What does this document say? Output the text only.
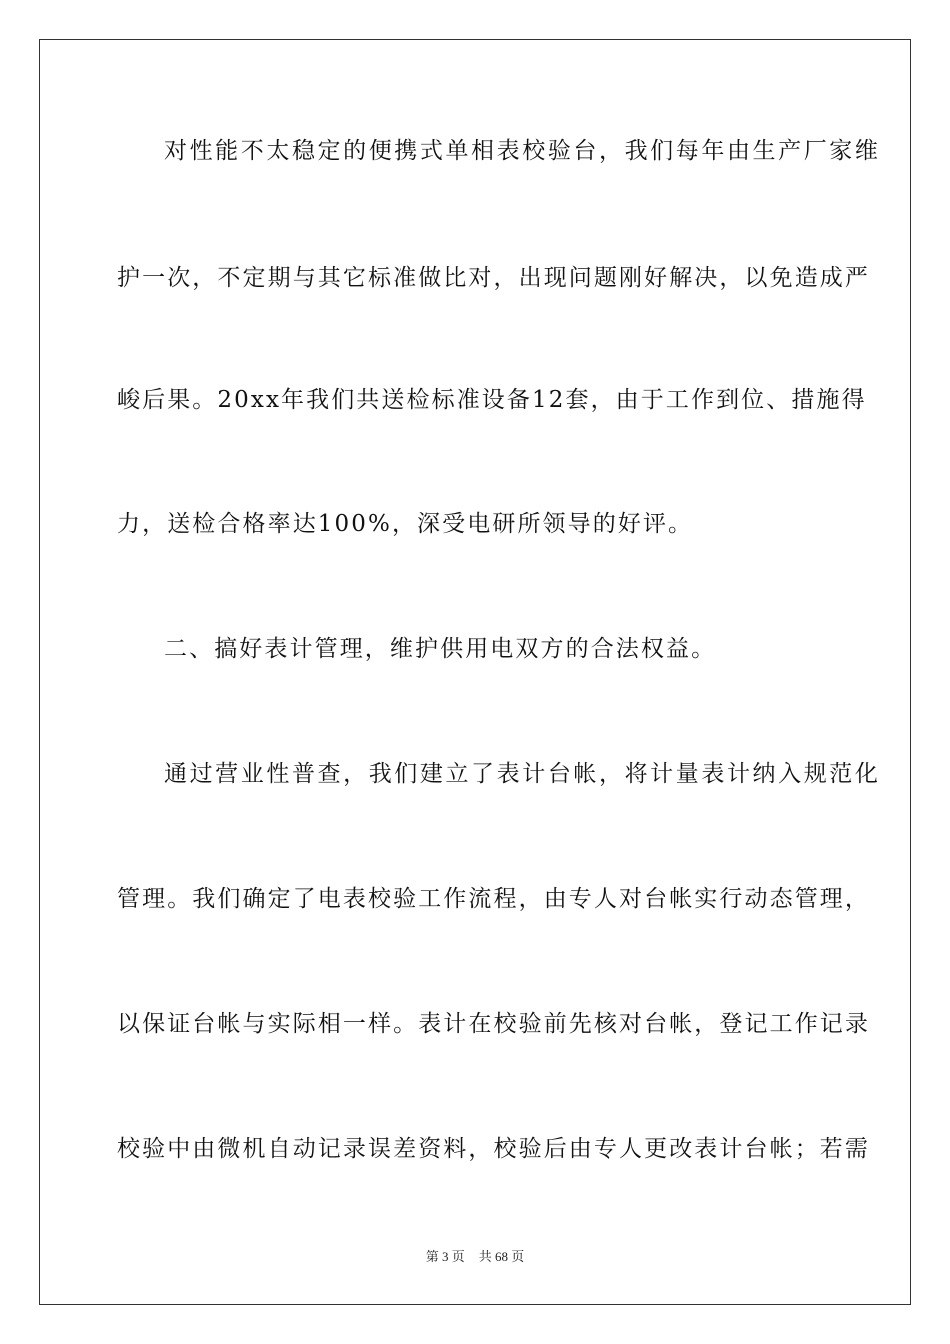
对性能不太稳定的便携式单相表校验台，我们每年由生产厂家维
护一次，不定期与其它标准做比对，出现问题刚好解决，以免造成严
峻后果。20xx年我们共送检标准设备12套，由于工作到位、措施得
力，送检合格率达100%，深受电研所领导的好评。
二、搞好表计管理，维护供用电双方的合法权益。
通过营业性普查，我们建立了表计台帐，将计量表计纳入规范化
管理。我们确定了电表校验工作流程，由专人对台帐实行动态管理，
以保证台帐与实际相一样。表计在校验前先核对台帐，登记工作记录
校验中由微机自动记录误差资料，校验后由专人更改表计台帐；若需
第 3 页 共 68 页
